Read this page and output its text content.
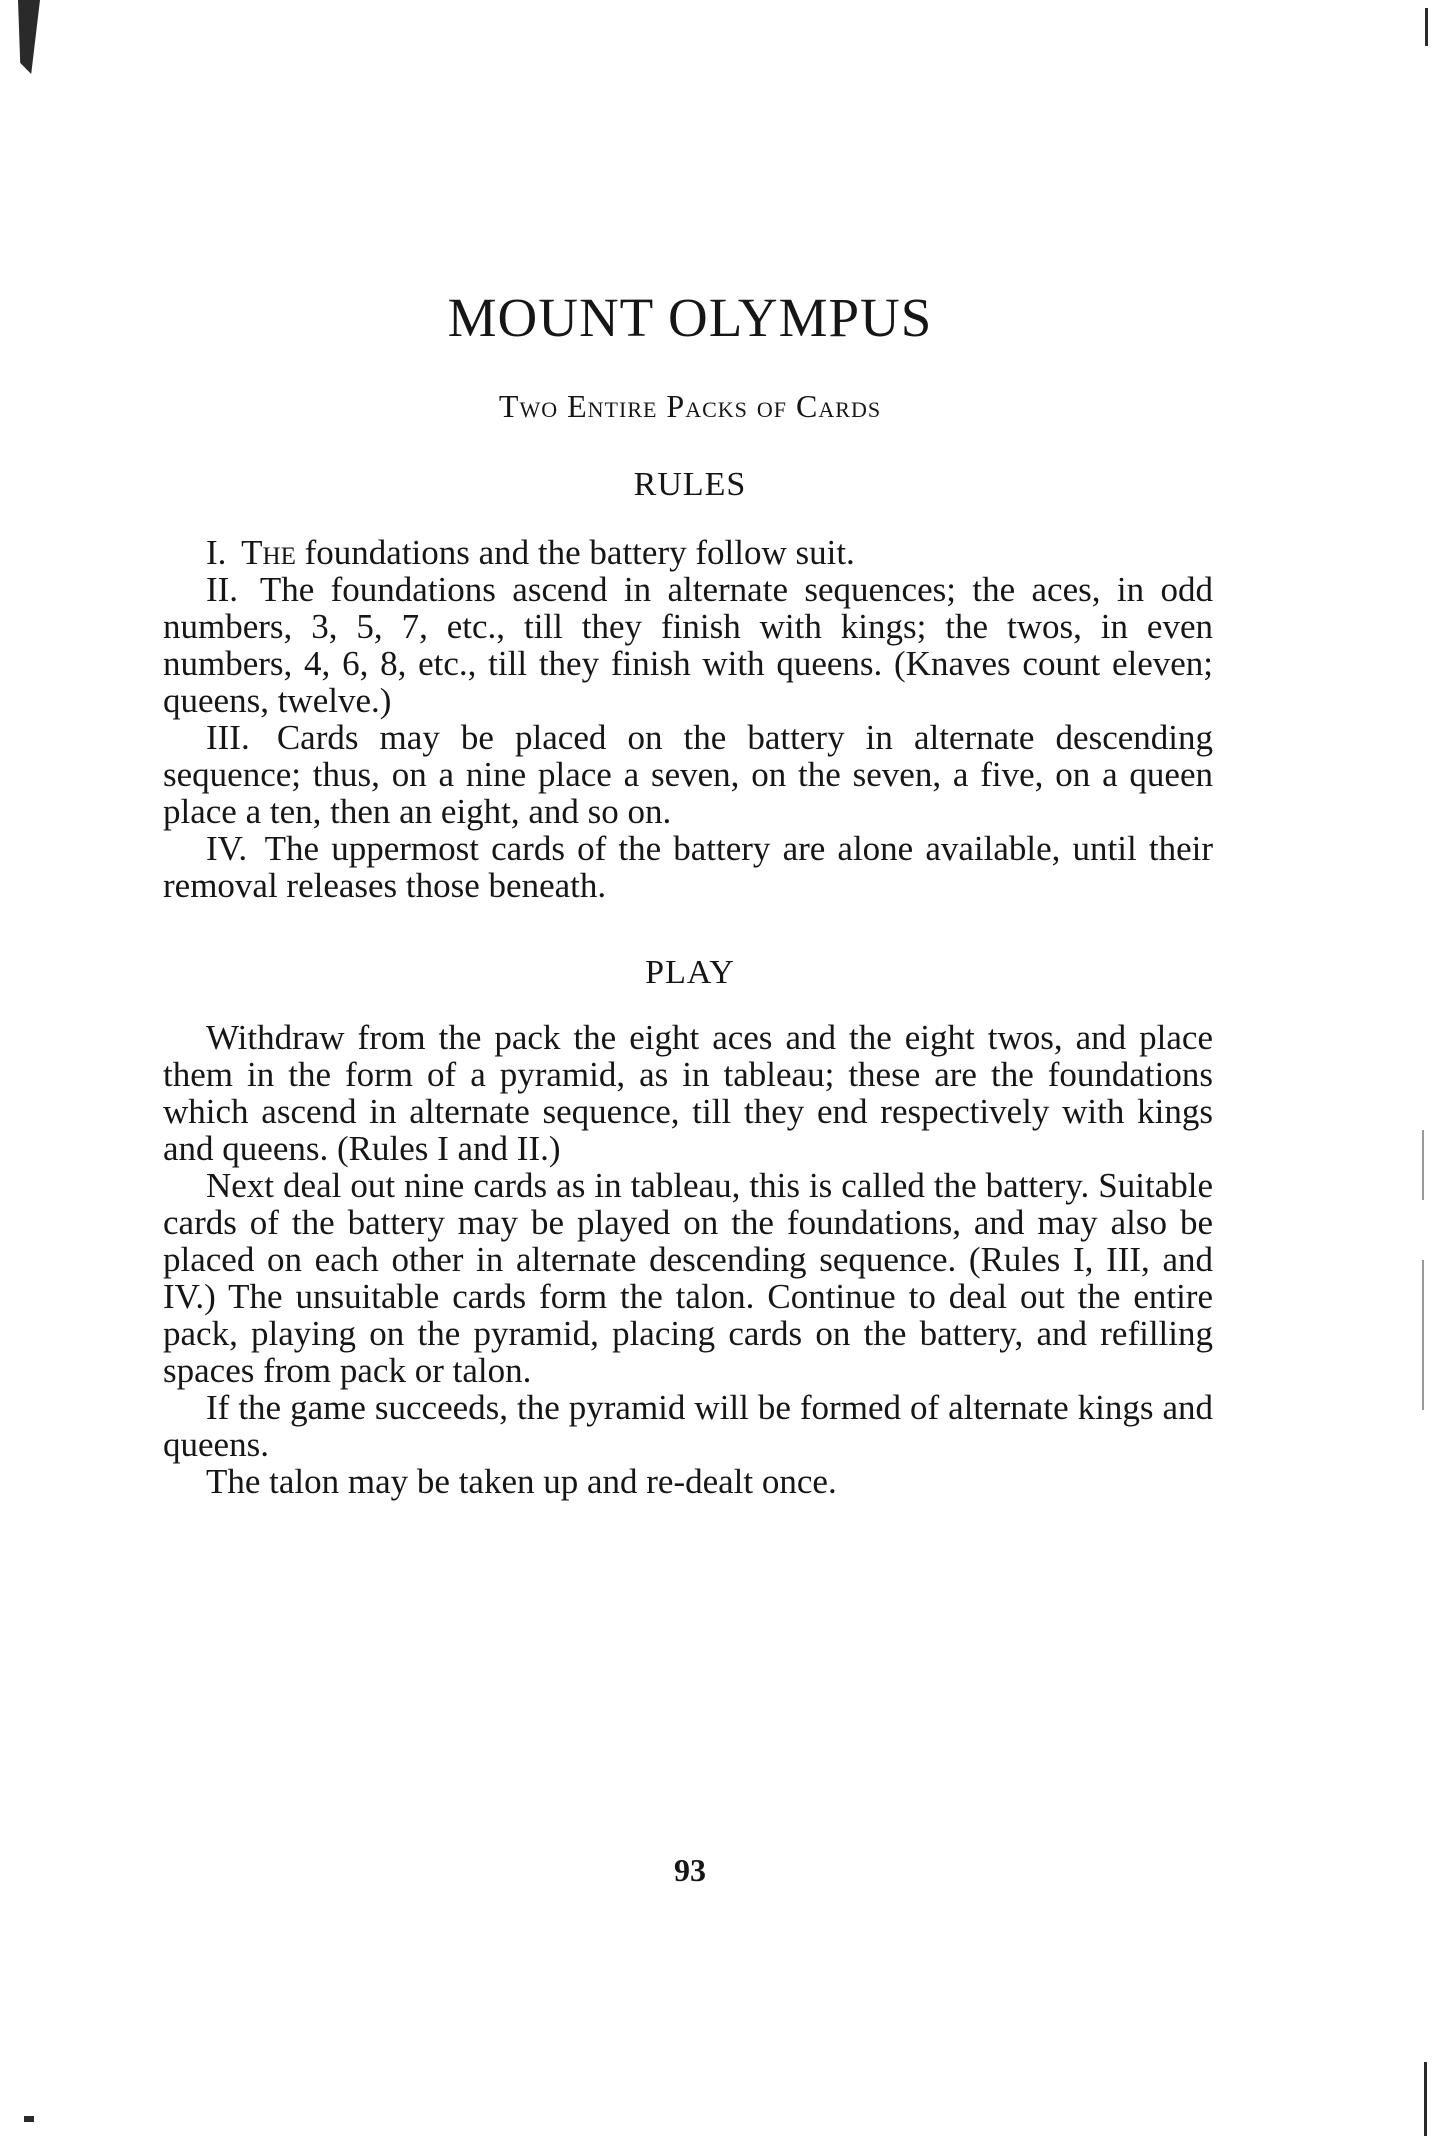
MOUNT OLYMPUS
Two Entire Packs of Cards
RULES

I. The foundations and the battery follow suit.

II. The foundations ascend in alternate sequences; the aces, in odd numbers, 3, 5, 7, etc., till they finish with kings; the twos, in even numbers, 4, 6, 8, etc., till they finish with queens. (Knaves count eleven; queens, twelve.)

III. Cards may be placed on the battery in alternate descending sequence; thus, on a nine place a seven, on the seven, a five, on a queen place a ten, then an eight, and so on.

IV. The uppermost cards of the battery are alone available, until their removal releases those beneath.

PLAY

Withdraw from the pack the eight aces and the eight twos, and place them in the form of a pyramid, as in tableau; these are the foundations which ascend in alternate sequence, till they end respectively with kings and queens. (Rules I and II.)

Next deal out nine cards as in tableau, this is called the battery. Suitable cards of the battery may be played on the foundations, and may also be placed on each other in alternate descending sequence. (Rules I, III, and IV.) The unsuitable cards form the talon. Continue to deal out the entire pack, playing on the pyramid, placing cards on the battery, and refilling spaces from pack or talon.

If the game succeeds, the pyramid will be formed of alternate kings and queens.

The talon may be taken up and re-dealt once.

93
